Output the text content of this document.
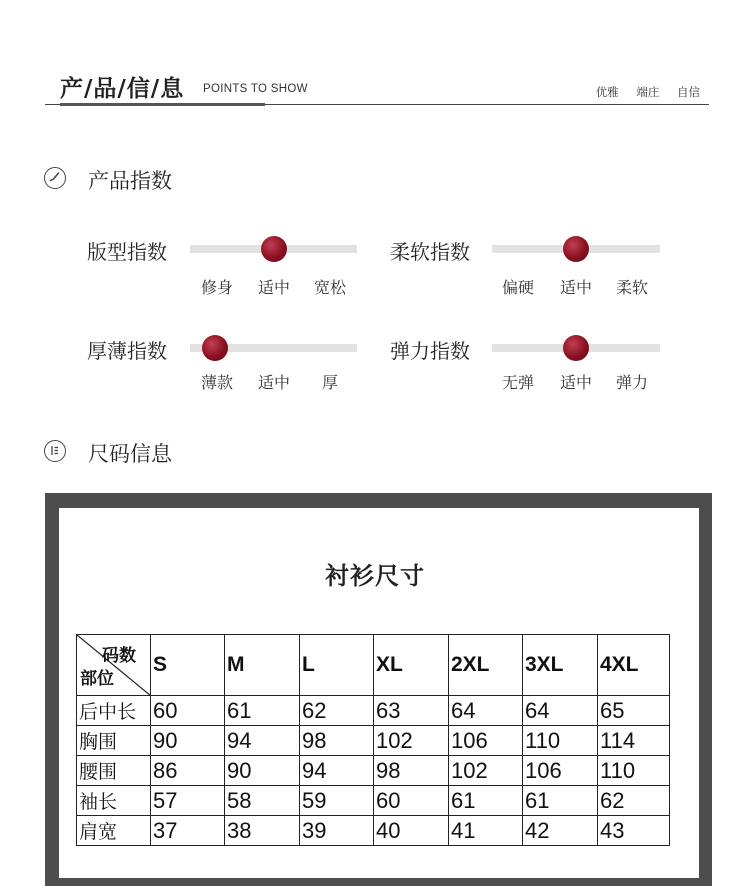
产/品/信/息 POINTS TO SHOW	优雅 端庄 自信
产品指数
版型指数
修身 适中 宽松
柔软指数
偏硬 适中 柔软
厚薄指数
薄款 适中 厚
弹力指数
无弹 适中 弹力
尺码信息
衬衫尺寸
码数
部位	S	M	L	XL	2XL	3XL	4XL
后中长	60	61	62	63	64	64	65
胸围	90	94	98	102	106	110	114
腰围	86	90	94	98	102	106	110
袖长	57	58	59	60	61	61	62
肩宽	37	38	39	40	41	42	43
